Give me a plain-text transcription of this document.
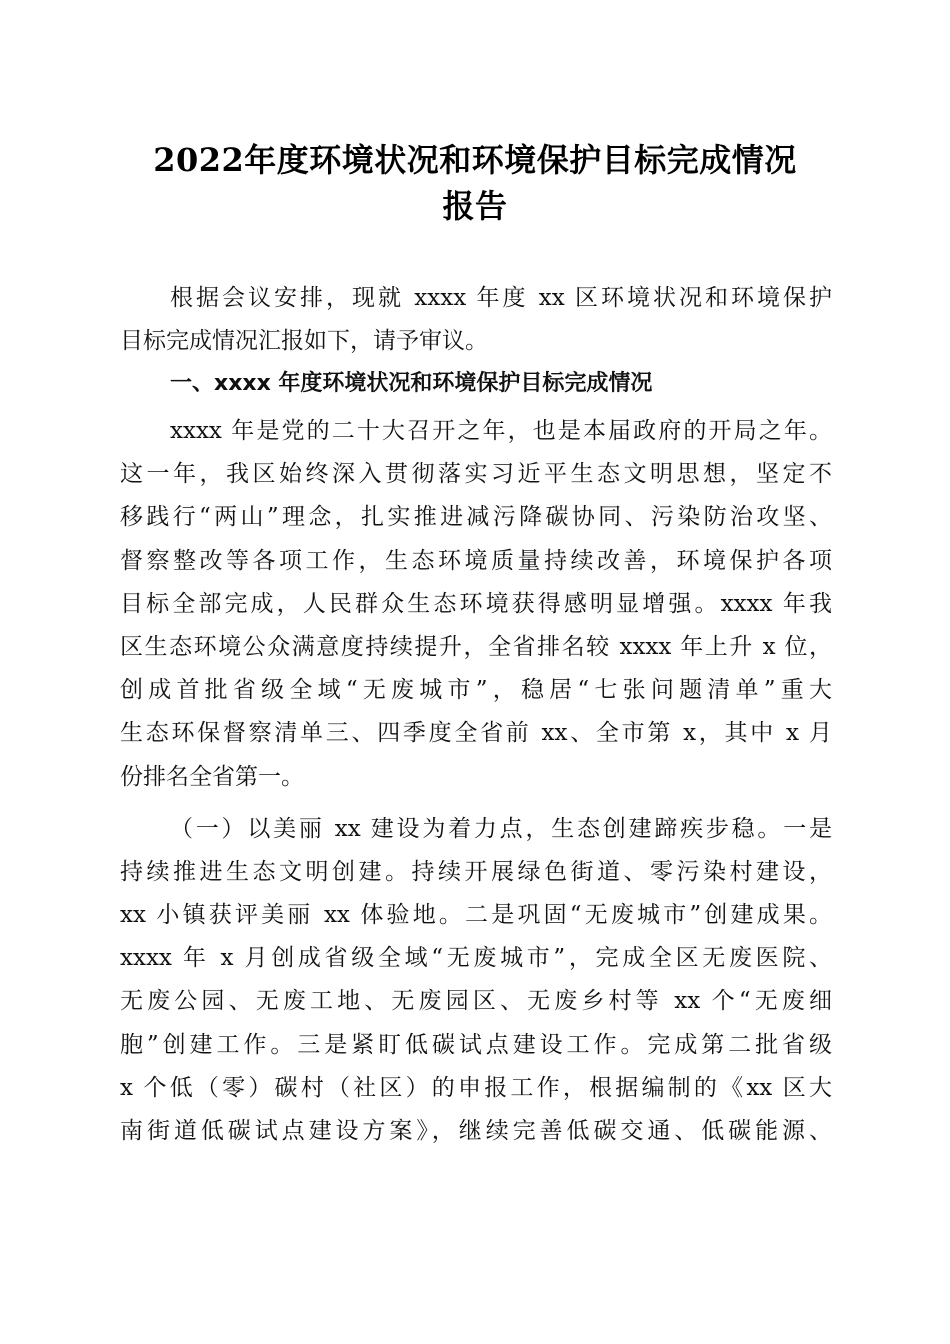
2022年度环境状况和环境保护目标完成情况
报告
根据会议安排，现就 xxxx 年度 xx 区环境状况和环境保护
目标完成情况汇报如下，请予审议。
一、xxxx 年度环境状况和环境保护目标完成情况
xxxx 年是党的二十大召开之年，也是本届政府的开局之年。
这一年，我区始终深入贯彻落实习近平生态文明思想，坚定不
移践行“两山”理念，扎实推进减污降碳协同、污染防治攻坚、
督察整改等各项工作，生态环境质量持续改善，环境保护各项
目标全部完成，人民群众生态环境获得感明显增强。xxxx 年我
区生态环境公众满意度持续提升，全省排名较 xxxx 年上升 x 位，
创成首批省级全域“无废城市”，稳居“七张问题清单”重大
生态环保督察清单三、四季度全省前 xx、全市第 x，其中 x 月
份排名全省第一。
（一）以美丽 xx 建设为着力点，生态创建蹄疾步稳。一是
持续推进生态文明创建。持续开展绿色街道、零污染村建设，
xx 小镇获评美丽 xx 体验地。二是巩固“无废城市”创建成果。
xxxx 年 x 月创成省级全域“无废城市”，完成全区无废医院、
无废公园、无废工地、无废园区、无废乡村等 xx 个“无废细
胞”创建工作。三是紧盯低碳试点建设工作。完成第二批省级
x 个低（零）碳村（社区）的申报工作，根据编制的《xx 区大
南街道低碳试点建设方案》，继续完善低碳交通、低碳能源、
